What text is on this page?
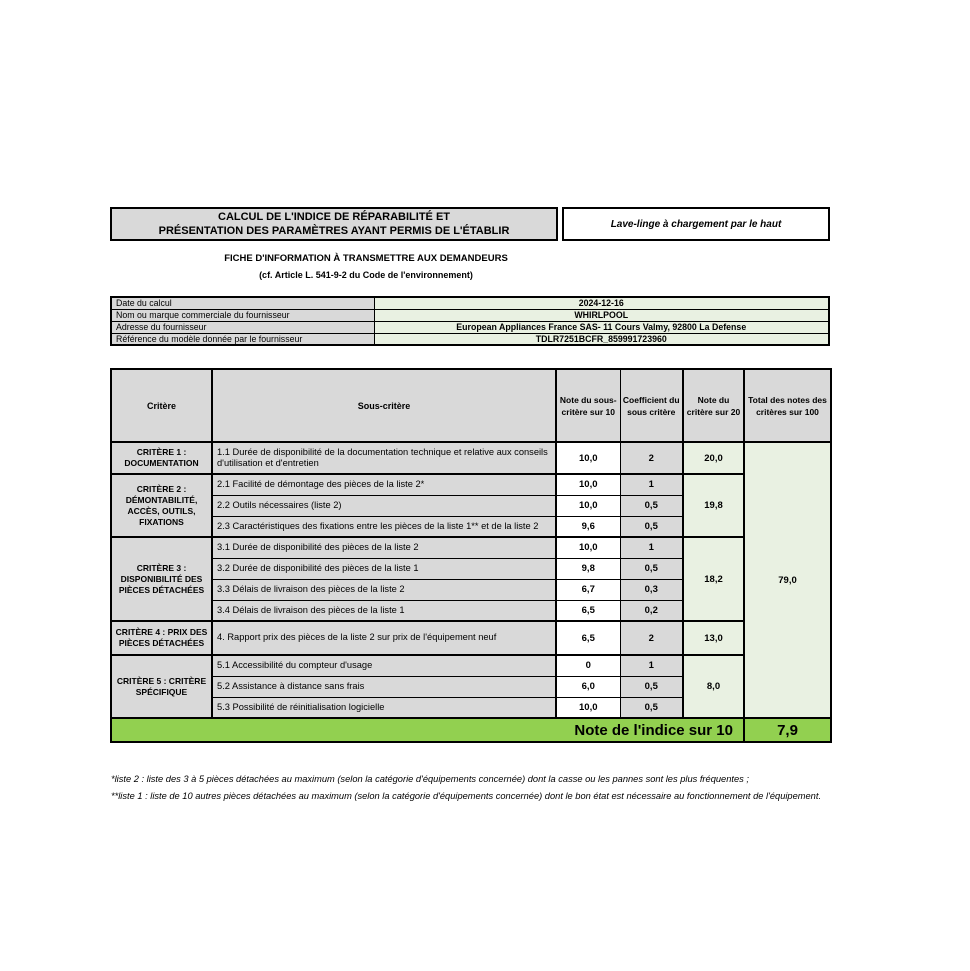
CALCUL DE L'INDICE DE RÉPARABILITÉ ET
PRÉSENTATION DES PARAMÈTRES AYANT PERMIS DE L'ÉTABLIR
Lave-linge à chargement par le haut
FICHE D'INFORMATION À TRANSMETTRE AUX DEMANDEURS
(cf. Article L. 541-9-2 du Code de l'environnement)
Date du calcul	2024-12-16
Nom ou marque commerciale du fournisseur	WHIRLPOOL
Adresse du fournisseur	European Appliances France SAS- 11 Cours Valmy, 92800 La Defense
Référence du modèle donnée par le fournisseur	TDLR7251BCFR_859991723960
Critère	Sous-critère	Note du sous-critère sur 10	Coefficient du sous critère	Note du critère sur 20	Total des notes des critères sur 100
CRITÈRE 1 : DOCUMENTATION	1.1 Durée de disponibilité de la documentation technique et relative aux conseils d'utilisation et d'entretien	10,0	2	20,0	79,0
CRITÈRE 2 : DÉMONTABILITÉ, ACCÈS, OUTILS, FIXATIONS	2.1 Facilité de démontage des pièces de la liste 2*	10,0	1	19,8	
	2.2 Outils nécessaires (liste 2)	10,0	0,5		
	2.3 Caractéristiques des fixations entre les pièces de la liste 1** et de la liste 2	9,6	0,5		
CRITÈRE 3 : DISPONIBILITÉ DES PIÈCES DÉTACHÉES	3.1 Durée de disponibilité des pièces de la liste 2	10,0	1	18,2	
	3.2 Durée de disponibilité des pièces de la liste 1	9,8	0,5		
	3.3 Délais de livraison des pièces de la liste 2	6,7	0,3		
	3.4 Délais de livraison des pièces de la liste 1	6,5	0,2		
CRITÈRE 4 : PRIX DES PIÈCES DÉTACHÉES	4. Rapport prix des pièces de la liste 2 sur prix de l'équipement neuf	6,5	2	13,0	
CRITÈRE 5 : CRITÈRE SPÉCIFIQUE	5.1 Accessibilité du compteur d'usage	0	1	8,0	
	5.2 Assistance à distance sans frais	6,0	0,5		
	5.3 Possibilité de réinitialisation logicielle	10,0	0,5		
Note de l'indice sur 10					7,9
*liste 2 : liste des 3 à 5 pièces détachées au maximum (selon la catégorie d'équipements concernée) dont la casse ou les pannes sont les plus fréquentes ;
**liste 1 : liste de 10 autres pièces détachées au maximum (selon la catégorie d'équipements concernée) dont le bon état est nécessaire au fonctionnement de l'équipement.
